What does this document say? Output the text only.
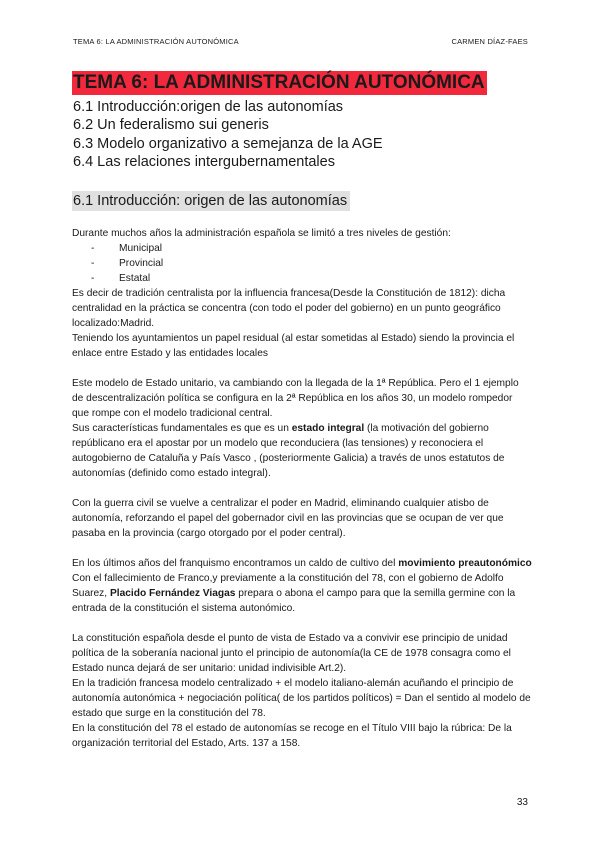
TEMA 6: LA ADMINISTRACIÓN AUTONÓMICA	CARMEN DÍAZ-FAES
TEMA 6: LA ADMINISTRACIÓN AUTONÓMICA
6.1 Introducción:origen de las autonomías
6.2 Un federalismo sui generis
6.3 Modelo organizativo a semejanza de la AGE
6.4 Las relaciones intergubernamentales
6.1 Introducción: origen de las autonomías

Durante muchos años la administración española se limitó a tres niveles de gestión:

- Municipal
- Provincial
- Estatal

Es decir de tradición centralista por la influencia francesa(Desde la Constitución de 1812): dicha centralidad en la práctica se concentra (con todo el poder del gobierno) en un punto geográfico localizado:Madrid.

Teniendo los ayuntamientos un papel residual (al estar sometidas al Estado) siendo la provincia el enlace entre Estado y las entidades locales

Este modelo de Estado unitario, va cambiando con la llegada de la 1ª República. Pero el 1 ejemplo de descentralización política se configura en la 2ª República en los años 30, un modelo rompedor que rompe con el modelo tradicional central.

Sus características fundamentales es que es un estado integral (la motivación del gobierno repúblicano era el apostar por un modelo que reconduciera (las tensiones) y reconociera el autogobierno de Cataluña y País Vasco , (posteriormente Galicia) a través de unos estatutos de autonomías (definido como estado integral).

Con la guerra civil se vuelve a centralizar el poder en Madrid, eliminando cualquier atisbo de autonomía, reforzando el papel del gobernador civil en las provincias que se ocupan de ver que pasaba en la provincia (cargo otorgado por el poder central).

En los últimos años del franquismo encontramos un caldo de cultivo del movimiento preautonómico

Con el fallecimiento de Franco,y previamente a la constitución del 78, con el gobierno de Adolfo Suarez, Placido Fernández Viagas prepara o abona el campo para que la semilla germine con la entrada de la constitución el sistema autonómico.

La constitución española desde el punto de vista de Estado va a convivir ese principio de unidad política de la soberanía nacional junto el principio de autonomía(la CE de 1978 consagra como el Estado nunca dejará de ser unitario: unidad indivisible Art.2).

En la tradición francesa modelo centralizado + el modelo italiano-alemán acuñando el principio de autonomía autonómica + negociación política( de los partidos políticos) = Dan el sentido al modelo de estado que surge en la constitución del 78.

En la constitución del 78 el estado de autonomías se recoge en el Título VIII bajo la rúbrica: De la organización territorial del Estado, Arts. 137 a 158.

33
